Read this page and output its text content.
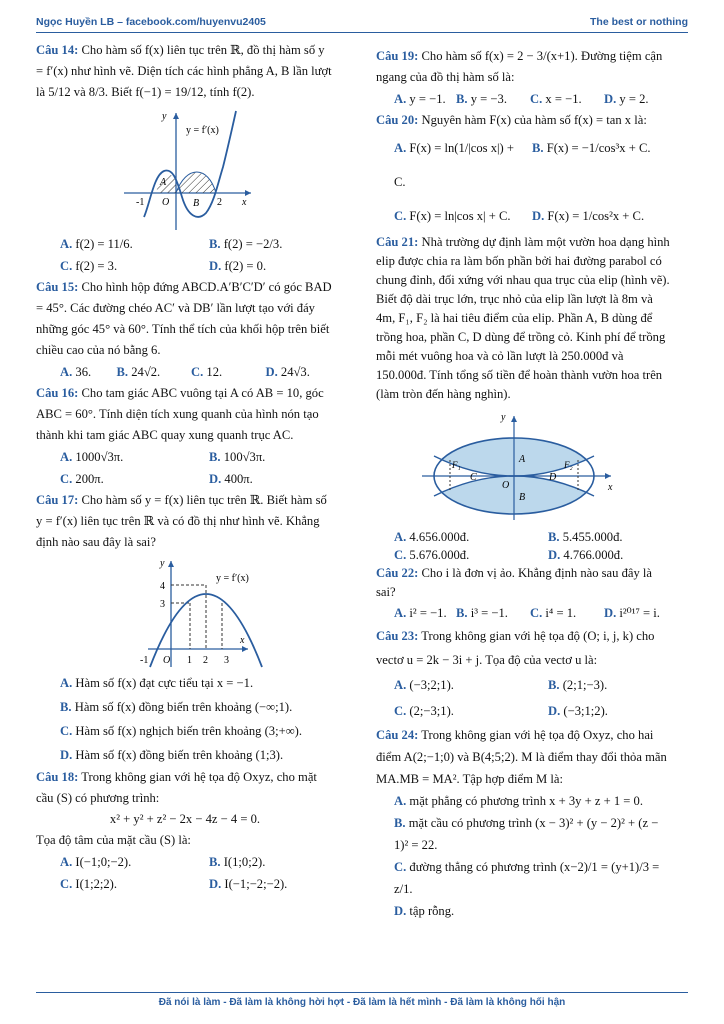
Ngọc Huyền LB – facebook.com/huyenvu2405	The best or nothing

Câu 14: Cho hàm số f(x) liên tục trên ℝ, đồ thị hàm số y = f′(x) như hình vẽ. Diện tích các hình phẳng A, B lần lượt là 5/12 và 8/3. Biết f(−1) = 19/12, tính f(2).

y
y = f′(x)
-1 O	2 x
A
B
A. f(2) = 11/6.	B. f(2) = −2/3.
C. f(2) = 3.	D. f(2) = 0.

Câu 15: Cho hình hộp đứng ABCD.A′B′C′D′ có góc BAD = 45°. Các đường chéo AC′ và DB′ lần lượt tạo với đáy những góc 45° và 60°. Tính thể tích của khối hộp trên biết chiều cao của nó bằng 6.

A. 36.	B. 24√2.	C. 12.	D. 24√3.

Câu 16: Cho tam giác ABC vuông tại A có AB = 10, góc ABC = 60°. Tính diện tích xung quanh của hình nón tạo thành khi tam giác ABC quay xung quanh trục AC.

A. 1000√3π.	B. 100√3π.
C. 200π.	D. 400π.

Câu 17: Cho hàm số y = f(x) liên tục trên ℝ. Biết hàm số y = f′(x) liên tục trên ℝ và có đồ thị như hình vẽ. Khẳng định nào sau đây là sai?

y
y = f′(x)
4
3
x
-1 O 1 2 3
A. Hàm số f(x) đạt cực tiểu tại x = −1.
B. Hàm số f(x) đồng biến trên khoảng (−∞;1).
C. Hàm số f(x) nghịch biến trên khoảng (3;+∞).
D. Hàm số f(x) đồng biến trên khoảng (1;3).

Câu 18: Trong không gian với hệ tọa độ Oxyz, cho mặt cầu (S) có phương trình:

x² + y² + z² − 2x − 4z − 4 = 0.

Tọa độ tâm của mặt cầu (S) là:

A. I(−1;0;−2).	B. I(1;0;2).
C. I(1;2;2).	D. I(−1;−2;−2).

Câu 19: Cho hàm số f(x) = 2 − 3/(x+1). Đường tiệm cận ngang của đồ thị hàm số là:

A. y = −1. B. y = −3.	C. x = −1.	D. y = 2.

Câu 20: Nguyên hàm F(x) của hàm số f(x) = tan x là:

A. F(x) = ln(1/|cos x|) + C.
B. F(x) = −1/cos³x + C.
C. F(x) = ln|cos x| + C.	D. F(x) = 1/cos²x + C.

Câu 21: Nhà trường dự định làm một vườn hoa dạng hình elip được chia ra làm bốn phần bởi hai đường parabol có chung đỉnh, đối xứng với nhau qua trục của elip (hình vẽ). Biết độ dài trục lớn, trục nhỏ của elip lần lượt là 8m và 4m, F₁, F₂ là hai tiêu điểm của elip. Phần A, B dùng để trồng hoa, phần C, D dùng để trồng cỏ. Kinh phí để trồng mỗi mét vuông hoa và cỏ lần lượt là 250.000đ và 150.000đ. Tính tổng số tiền để hoàn thành vườn hoa trên (làm tròn đến hàng nghìn).

y
x
O
A
B
C	D
F₁	F₂
A. 4.656.000đ.	B. 5.455.000đ.
C. 5.676.000đ.	D. 4.766.000đ.

Câu 22: Cho i là đơn vị ảo. Khẳng định nào sau đây là sai?

A. i² = −1. B. i³ = −1.	C. i⁴ = 1.	D. i²⁰¹⁷ = i.

Câu 23: Trong không gian với hệ tọa độ (O; i, j, k) cho vectơ u = 2k − 3i + j. Tọa độ của vectơ u là:

A. (−3;2;1).	B. (2;1;−3).
C. (2;−3;1).	D. (−3;1;2).

Câu 24: Trong không gian với hệ tọa độ Oxyz, cho hai điểm A(2;−1;0) và B(4;5;2). M là điểm thay đổi thỏa mãn MA.MB = MA². Tập hợp điểm M là:

A. mặt phẳng có phương trình x + 3y + z + 1 = 0.
B. mặt cầu có phương trình (x − 3)² + (y − 2)² + (z − 1)² = 22.
C. đường thẳng có phương trình (x−2)/1 = (y+1)/3 = z/1.
D. tập rỗng.
Đã nói là làm - Đã làm là không hời hợt - Đã làm là hết mình - Đã làm là không hối hận
